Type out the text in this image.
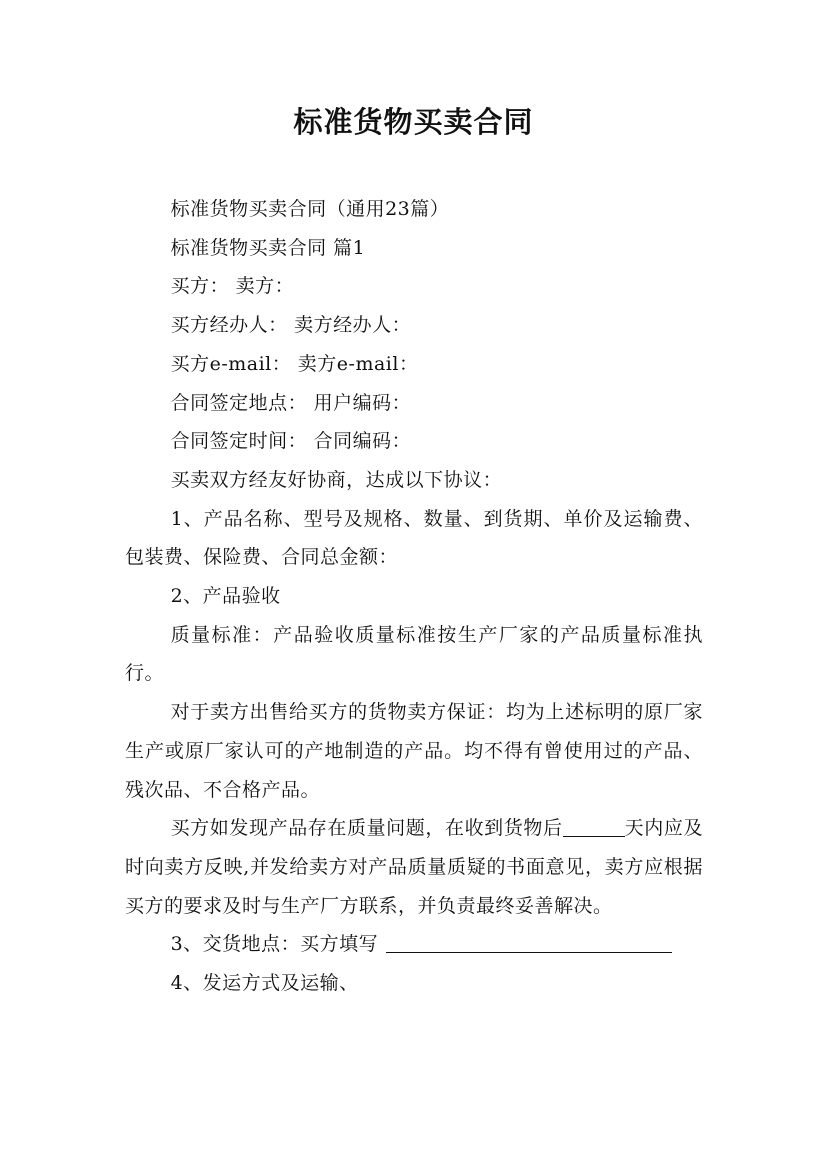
标准货物买卖合同

标准货物买卖合同（通用23篇）

标准货物买卖合同 篇1

买方： 卖方：

买方经办人： 卖方经办人：

买方e-mail： 卖方e-mail：

合同签定地点： 用户编码：

合同签定时间： 合同编码：

买卖双方经友好协商，达成以下协议：

1、产品名称、型号及规格、数量、到货期、单价及运输费、包装费、保险费、合同总金额：

2、产品验收

质量标准：产品验收质量标准按生产厂家的产品质量标准执行。

对于卖方出售给买方的货物卖方保证：均为上述标明的原厂家生产或原厂家认可的产地制造的产品。均不得有曾使用过的产品、残次品、不合格产品。

买方如发现产品存在质量问题，在收到货物后	天内应及时向卖方反映,并发给卖方对产品质量质疑的书面意见，卖方应根据买方的要求及时与生产厂方联系，并负责最终妥善解决。

3、交货地点：买方填写

4、发运方式及运输、
